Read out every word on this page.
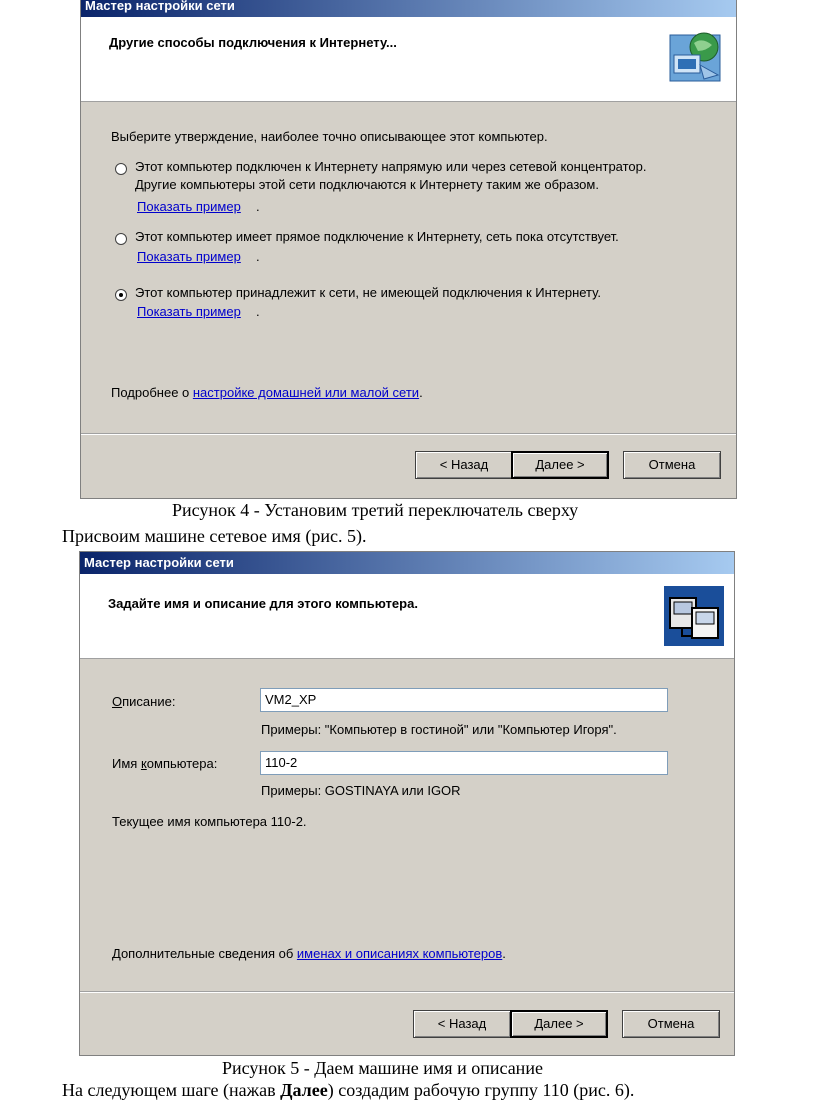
Мастер настройки сети
Другие способы подключения к Интернету...
Выберите утверждение, наиболее точно описывающее этот компьютер.
Этот компьютер подключен к Интернету напрямую или через сетевой концентратор.
Другие компьютеры этой сети подключаются к Интернету таким же образом.
Показать пример .
Этот компьютер имеет прямое подключение к Интернету, сеть пока отсутствует.
Показать пример .
Этот компьютер принадлежит к сети, не имеющей подключения к Интернету.
Показать пример .
Подробнее о настройке домашней или малой сети.
< Назад	Далее >	Отмена
Рисунок 4 - Установим третий переключатель сверху
Присвоим машине сетевое имя (рис. 5).
Мастер настройки сети
Задайте имя и описание для этого компьютера.
Описание:	VM2_XP
Примеры: "Компьютер в гостиной" или "Компьютер Игоря".
Имя компьютера:	110-2
Примеры: GOSTINAYA или IGOR
Текущее имя компьютера 110-2.
Дополнительные сведения об именах и описаниях компьютеров.
< Назад	Далее >	Отмена
Рисунок 5 - Даем машине имя и описание
На следующем шаге (нажав Далее) создадим рабочую группу 110 (рис. 6).
